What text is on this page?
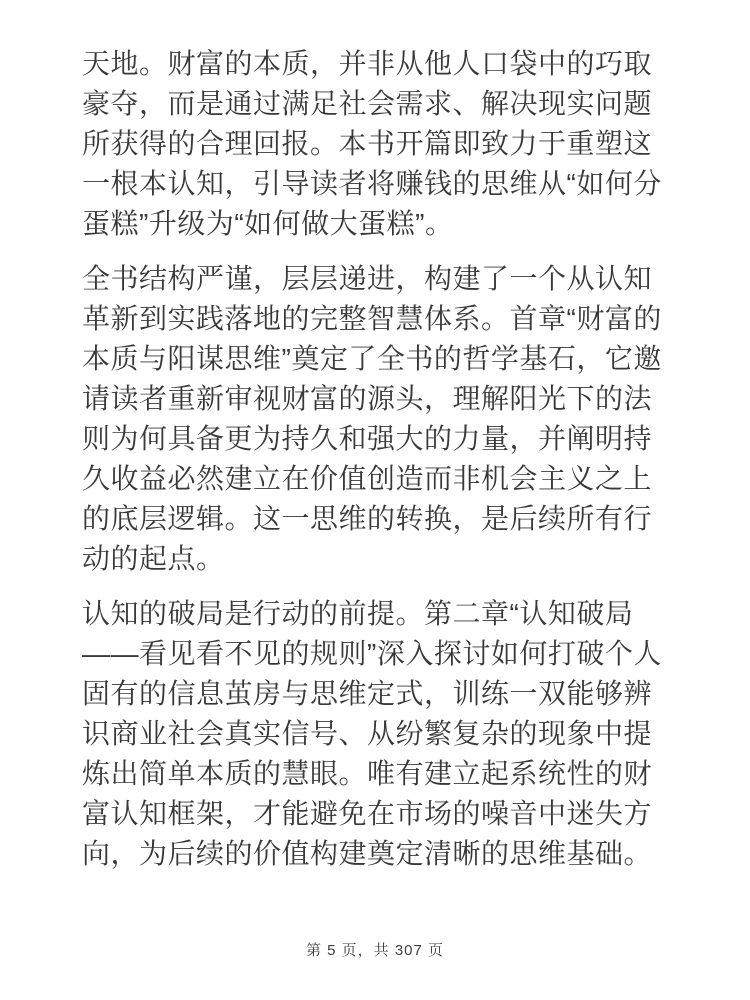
天地。财富的本质，并非从他人口袋中的巧取豪夺，而是通过满足社会需求、解决现实问题所获得的合理回报。本书开篇即致力于重塑这一根本认知，引导读者将赚钱的思维从“如何分蛋糕”升级为“如何做大蛋糕”。

全书结构严谨，层层递进，构建了一个从认知革新到实践落地的完整智慧体系。首章“财富的本质与阳谋思维”奠定了全书的哲学基石，它邀请读者重新审视财富的源头，理解阳光下的法则为何具备更为持久和强大的力量，并阐明持久收益必然建立在价值创造而非机会主义之上的底层逻辑。这一思维的转换，是后续所有行动的起点。

认知的破局是行动的前提。第二章“认知破局——看见看不见的规则”深入探讨如何打破个人固有的信息茧房与思维定式，训练一双能够辨识商业社会真实信号、从纷繁复杂的现象中提炼出简单本质的慧眼。唯有建立起系统性的财富认知框架，才能避免在市场的噪音中迷失方向，为后续的价值构建奠定清晰的思维基础。

第 5 页，共 307 页
